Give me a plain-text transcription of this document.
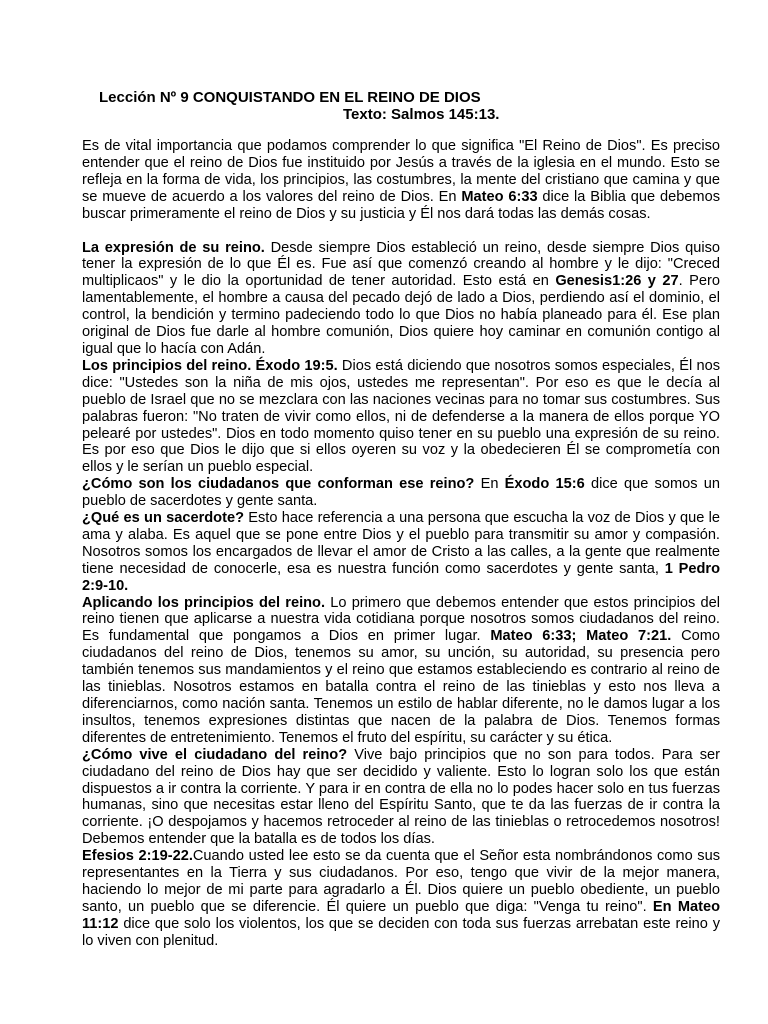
Lección Nº 9 CONQUISTANDO EN EL REINO DE DIOS
Texto: Salmos 145:13.

Es de vital importancia que podamos comprender lo que significa "El Reino de Dios". Es preciso entender que el reino de Dios fue instituido por Jesús a través de la iglesia en el mundo. Esto se refleja en la forma de vida, los principios, las costumbres, la mente del cristiano que camina y que se mueve de acuerdo a los valores del reino de Dios. En Mateo 6:33 dice la Biblia que debemos buscar primeramente el reino de Dios y su justicia y Él nos dará todas las demás cosas.

La expresión de su reino. Desde siempre Dios estableció un reino, desde siempre Dios quiso tener la expresión de lo que Él es. Fue así que comenzó creando al hombre y le dijo: "Creced multiplicaos" y le dio la oportunidad de tener autoridad. Esto está en Genesis1:26 y 27. Pero lamentablemente, el hombre a causa del pecado dejó de lado a Dios, perdiendo así el dominio, el control, la bendición y termino padeciendo todo lo que Dios no había planeado para él. Ese plan original de Dios fue darle al hombre comunión, Dios quiere hoy caminar en comunión contigo al igual que lo hacía con Adán.

Los principios del reino. Éxodo 19:5. Dios está diciendo que nosotros somos especiales, Él nos dice: "Ustedes son la niña de mis ojos, ustedes me representan". Por eso es que le decía al pueblo de Israel que no se mezclara con las naciones vecinas para no tomar sus costumbres. Sus palabras fueron: "No traten de vivir como ellos, ni de defenderse a la manera de ellos porque YO pelearé por ustedes". Dios en todo momento quiso tener en su pueblo una expresión de su reino. Es por eso que Dios le dijo que si ellos oyeren su voz y la obedecieren Él se comprometía con ellos y le serían un pueblo especial.

¿Cómo son los ciudadanos que conforman ese reino? En Éxodo 15:6 dice que somos un pueblo de sacerdotes y gente santa.

¿Qué es un sacerdote? Esto hace referencia a una persona que escucha la voz de Dios y que le ama y alaba. Es aquel que se pone entre Dios y el pueblo para transmitir su amor y compasión. Nosotros somos los encargados de llevar el amor de Cristo a las calles, a la gente que realmente tiene necesidad de conocerle, esa es nuestra función como sacerdotes y gente santa, 1 Pedro 2:9-10.

Aplicando los principios del reino. Lo primero que debemos entender que estos principios del reino tienen que aplicarse a nuestra vida cotidiana porque nosotros somos ciudadanos del reino. Es fundamental que pongamos a Dios en primer lugar. Mateo 6:33; Mateo 7:21. Como ciudadanos del reino de Dios, tenemos su amor, su unción, su autoridad, su presencia pero también tenemos sus mandamientos y el reino que estamos estableciendo es contrario al reino de las tinieblas. Nosotros estamos en batalla contra el reino de las tinieblas y esto nos lleva a diferenciarnos, como nación santa. Tenemos un estilo de hablar diferente, no le damos lugar a los insultos, tenemos expresiones distintas que nacen de la palabra de Dios. Tenemos formas diferentes de entretenimiento. Tenemos el fruto del espíritu, su carácter y su ética.

¿Cómo vive el ciudadano del reino? Vive bajo principios que no son para todos. Para ser ciudadano del reino de Dios hay que ser decidido y valiente. Esto lo logran solo los que están dispuestos a ir contra la corriente. Y para ir en contra de ella no lo podes hacer solo en tus fuerzas humanas, sino que necesitas estar lleno del Espíritu Santo, que te da las fuerzas de ir contra la corriente. ¡O despojamos y hacemos retroceder al reino de las tinieblas o retrocedemos nosotros! Debemos entender que la batalla es de todos los días.

Efesios 2:19-22.Cuando usted lee esto se da cuenta que el Señor esta nombrándonos como sus representantes en la Tierra y sus ciudadanos. Por eso, tengo que vivir de la mejor manera, haciendo lo mejor de mi parte para agradarlo a Él. Dios quiere un pueblo obediente, un pueblo santo, un pueblo que se diferencie. Él quiere un pueblo que diga: "Venga tu reino". En Mateo 11:12 dice que solo los violentos, los que se deciden con toda sus fuerzas arrebatan este reino y lo viven con plenitud.
